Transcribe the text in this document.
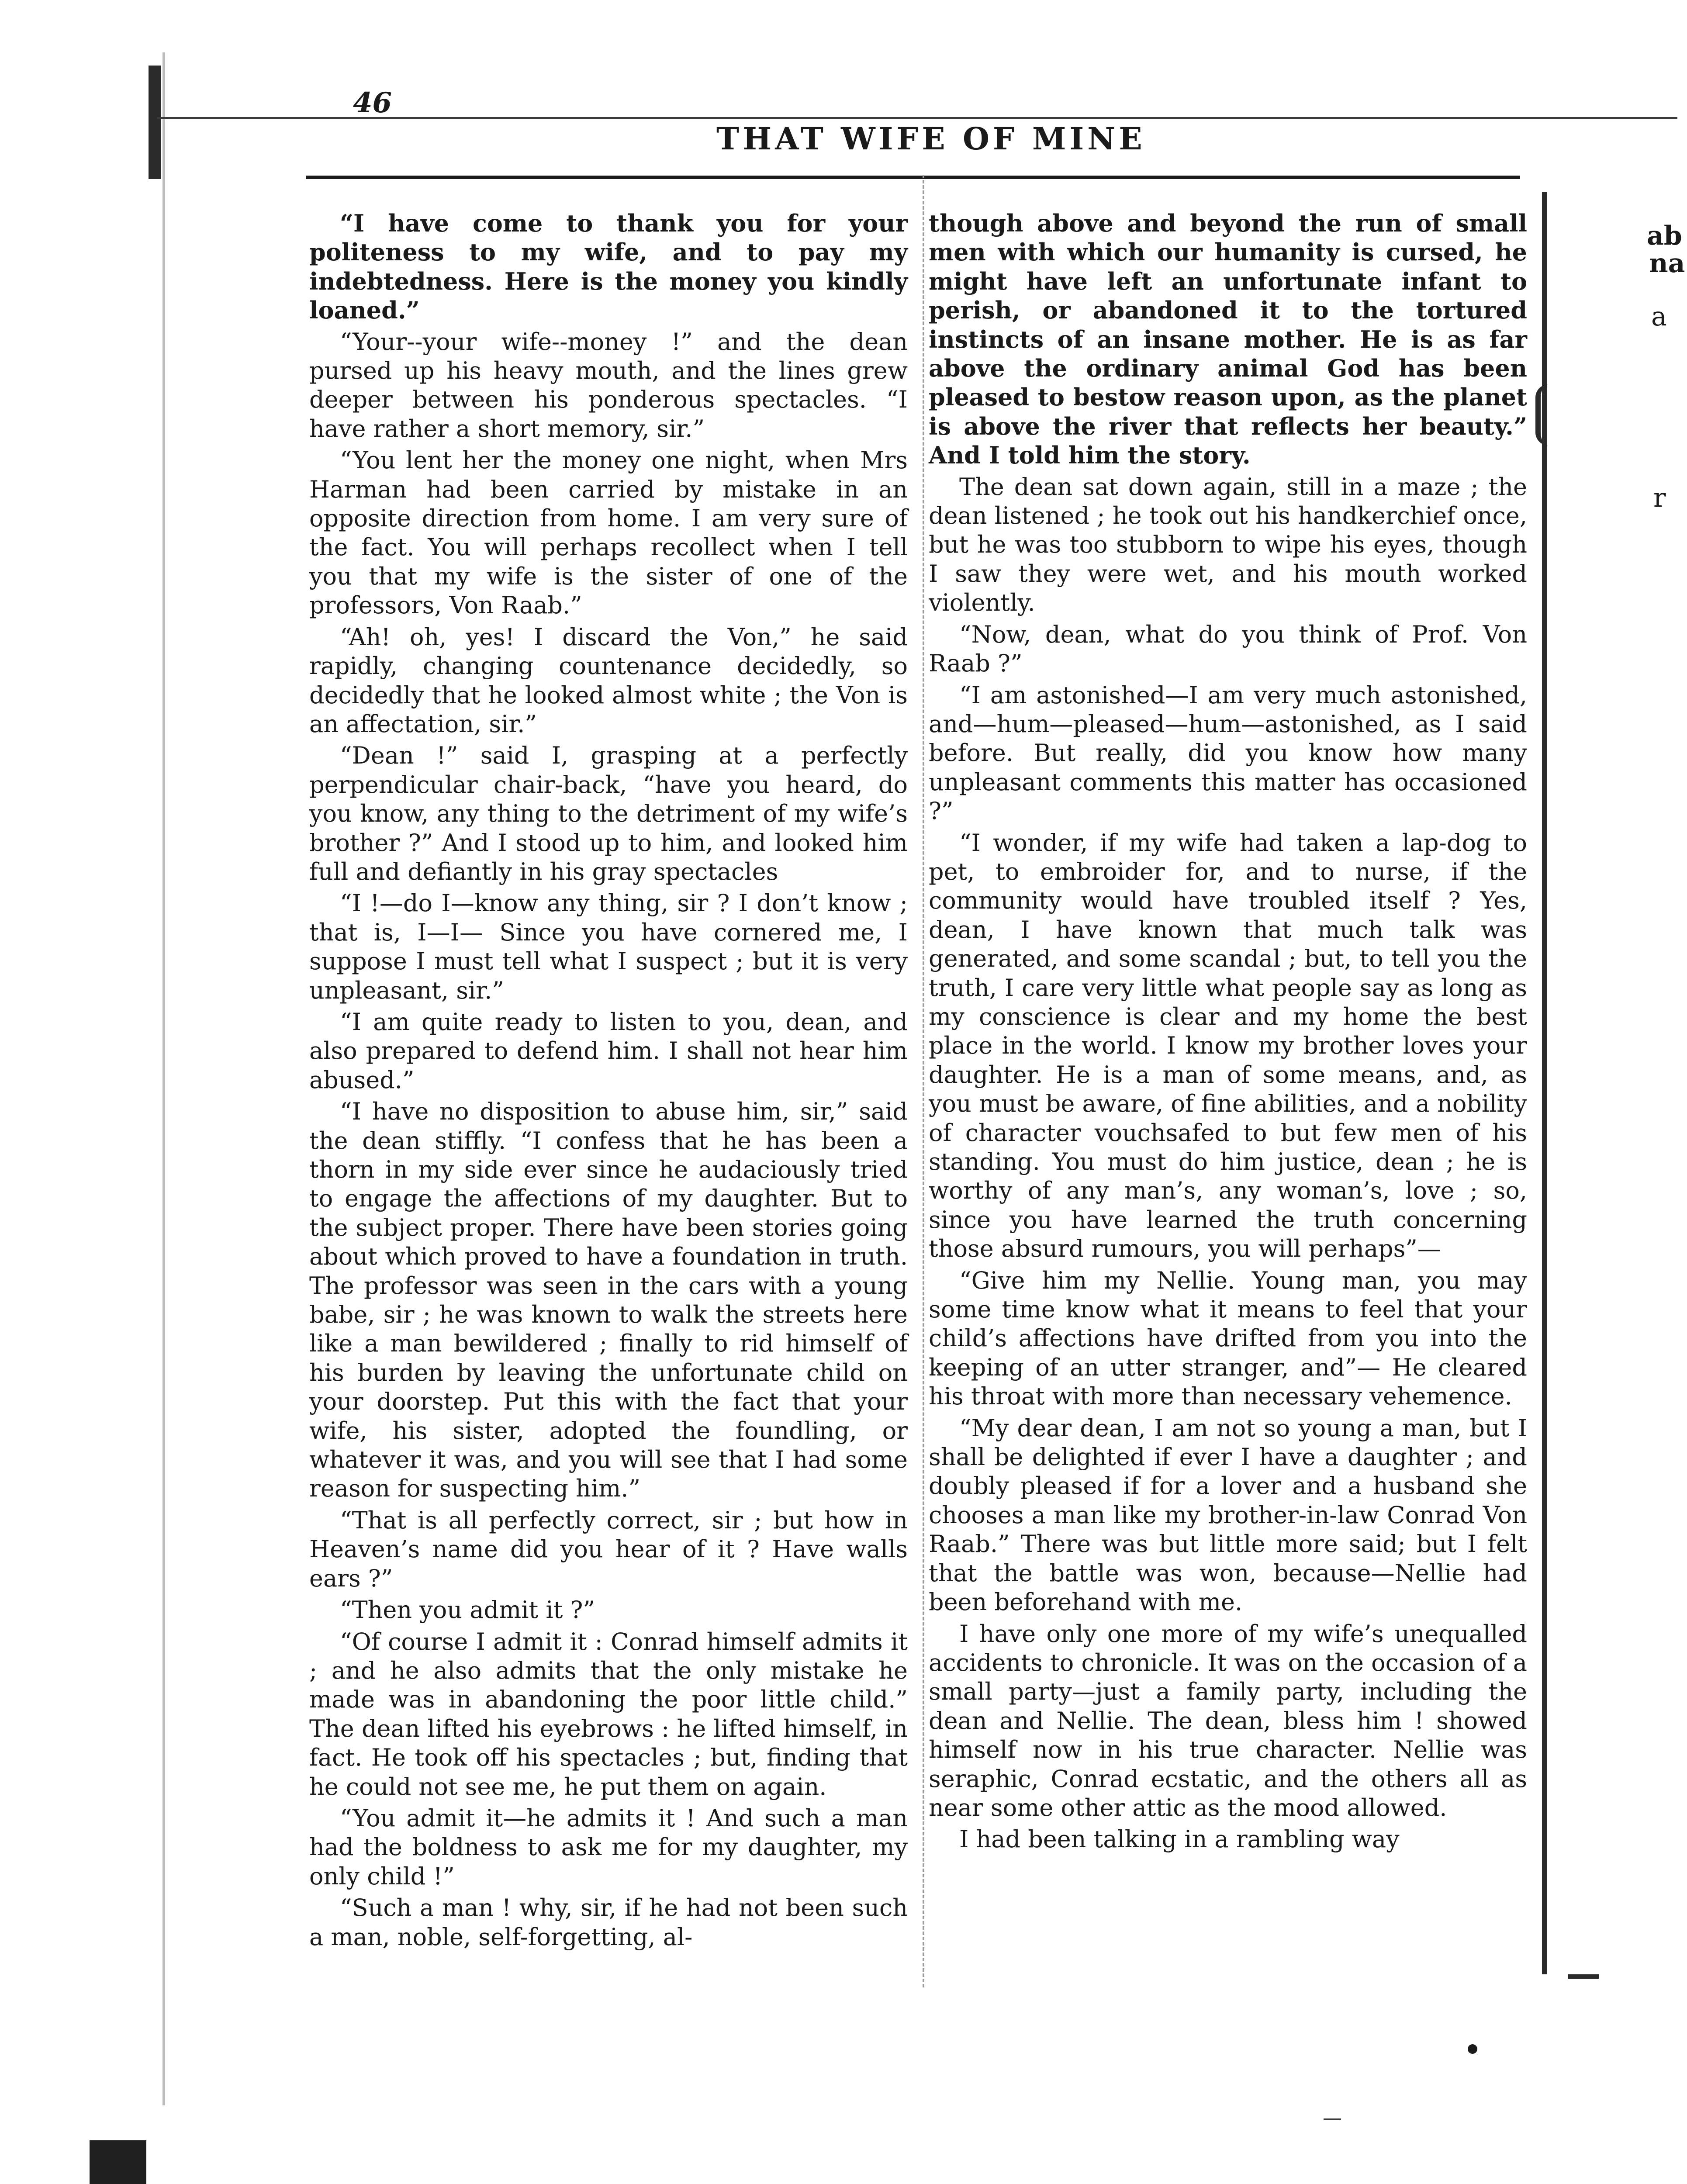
46
THAT WIFE OF MINE

“I have come to thank you for your politeness to my wife, and to pay my indebtedness. Here is the money you kindly loaned.”

“Your--your wife--money !” and the dean pursed up his heavy mouth, and the lines grew deeper between his ponderous spectacles. “I have rather a short memory, sir.”

“You lent her the money one night, when Mrs Harman had been carried by mistake in an opposite direction from home. I am very sure of the fact. You will perhaps recollect when I tell you that my wife is the sister of one of the professors, Von Raab.”

“Ah! oh, yes! I discard the Von,” he said rapidly, changing countenance decidedly, so decidedly that he looked almost white ; the Von is an affectation, sir.”

“Dean !” said I, grasping at a perfectly perpendicular chair-back, “have you heard, do you know, any thing to the detriment of my wife’s brother ?” And I stood up to him, and looked him full and defiantly in his gray spectacles

“I !—do I—know any thing, sir ? I don’t know ; that is, I—I— Since you have cornered me, I suppose I must tell what I suspect ; but it is very unpleasant, sir.”

“I am quite ready to listen to you, dean, and also prepared to defend him. I shall not hear him abused.”

“I have no disposition to abuse him, sir,” said the dean stiffly. “I confess that he has been a thorn in my side ever since he audaciously tried to engage the affections of my daughter. But to the subject proper. There have been stories going about which proved to have a foundation in truth. The professor was seen in the cars with a young babe, sir ; he was known to walk the streets here like a man bewildered ; finally to rid himself of his burden by leaving the unfortunate child on your doorstep. Put this with the fact that your wife, his sister, adopted the foundling, or whatever it was, and you will see that I had some reason for suspecting him.”

“That is all perfectly correct, sir ; but how in Heaven’s name did you hear of it ? Have walls ears ?”

“Then you admit it ?”

“Of course I admit it : Conrad himself admits it ; and he also admits that the only mistake he made was in abandoning the poor little child.” The dean lifted his eyebrows : he lifted himself, in fact. He took off his spectacles ; but, finding that he could not see me, he put them on again.

“You admit it—he admits it ! And such a man had the boldness to ask me for my daughter, my only child !”

“Such a man ! why, sir, if he had not been such a man, noble, self-forgetting, al-

though above and beyond the run of small men with which our humanity is cursed, he might have left an unfortunate infant to perish, or abandoned it to the tortured instincts of an insane mother. He is as far above the ordinary animal God has been pleased to bestow reason upon, as the planet is above the river that reflects her beauty.” And I told him the story.

The dean sat down again, still in a maze ; the dean listened ; he took out his handkerchief once, but he was too stubborn to wipe his eyes, though I saw they were wet, and his mouth worked violently.

“Now, dean, what do you think of Prof. Von Raab ?”

“I am astonished—I am very much astonished, and—hum—pleased—hum—astonished, as I said before. But really, did you know how many unpleasant comments this matter has occasioned ?”

“I wonder, if my wife had taken a lap-dog to pet, to embroider for, and to nurse, if the community would have troubled itself ? Yes, dean, I have known that much talk was generated, and some scandal ; but, to tell you the truth, I care very little what people say as long as my conscience is clear and my home the best place in the world. I know my brother loves your daughter. He is a man of some means, and, as you must be aware, of fine abilities, and a nobility of character vouchsafed to but few men of his standing. You must do him justice, dean ; he is worthy of any man’s, any woman’s, love ; so, since you have learned the truth concerning those absurd rumours, you will perhaps”—

“Give him my Nellie. Young man, you may some time know what it means to feel that your child’s affections have drifted from you into the keeping of an utter stranger, and”— He cleared his throat with more than necessary vehemence.

“My dear dean, I am not so young a man, but I shall be delighted if ever I have a daughter ; and doubly pleased if for a lover and a husband she chooses a man like my brother-in-law Conrad Von Raab.” There was but little more said; but I felt that the battle was won, because—Nellie had been beforehand with me.

I have only one more of my wife’s unequalled accidents to chronicle. It was on the occasion of a small party—just a family party, including the dean and Nellie. The dean, bless him ! showed himself now in his true character. Nellie was seraphic, Conrad ecstatic, and the others all as near some other attic as the mood allowed.

I had been talking in a rambling way

ab
na
a
r
